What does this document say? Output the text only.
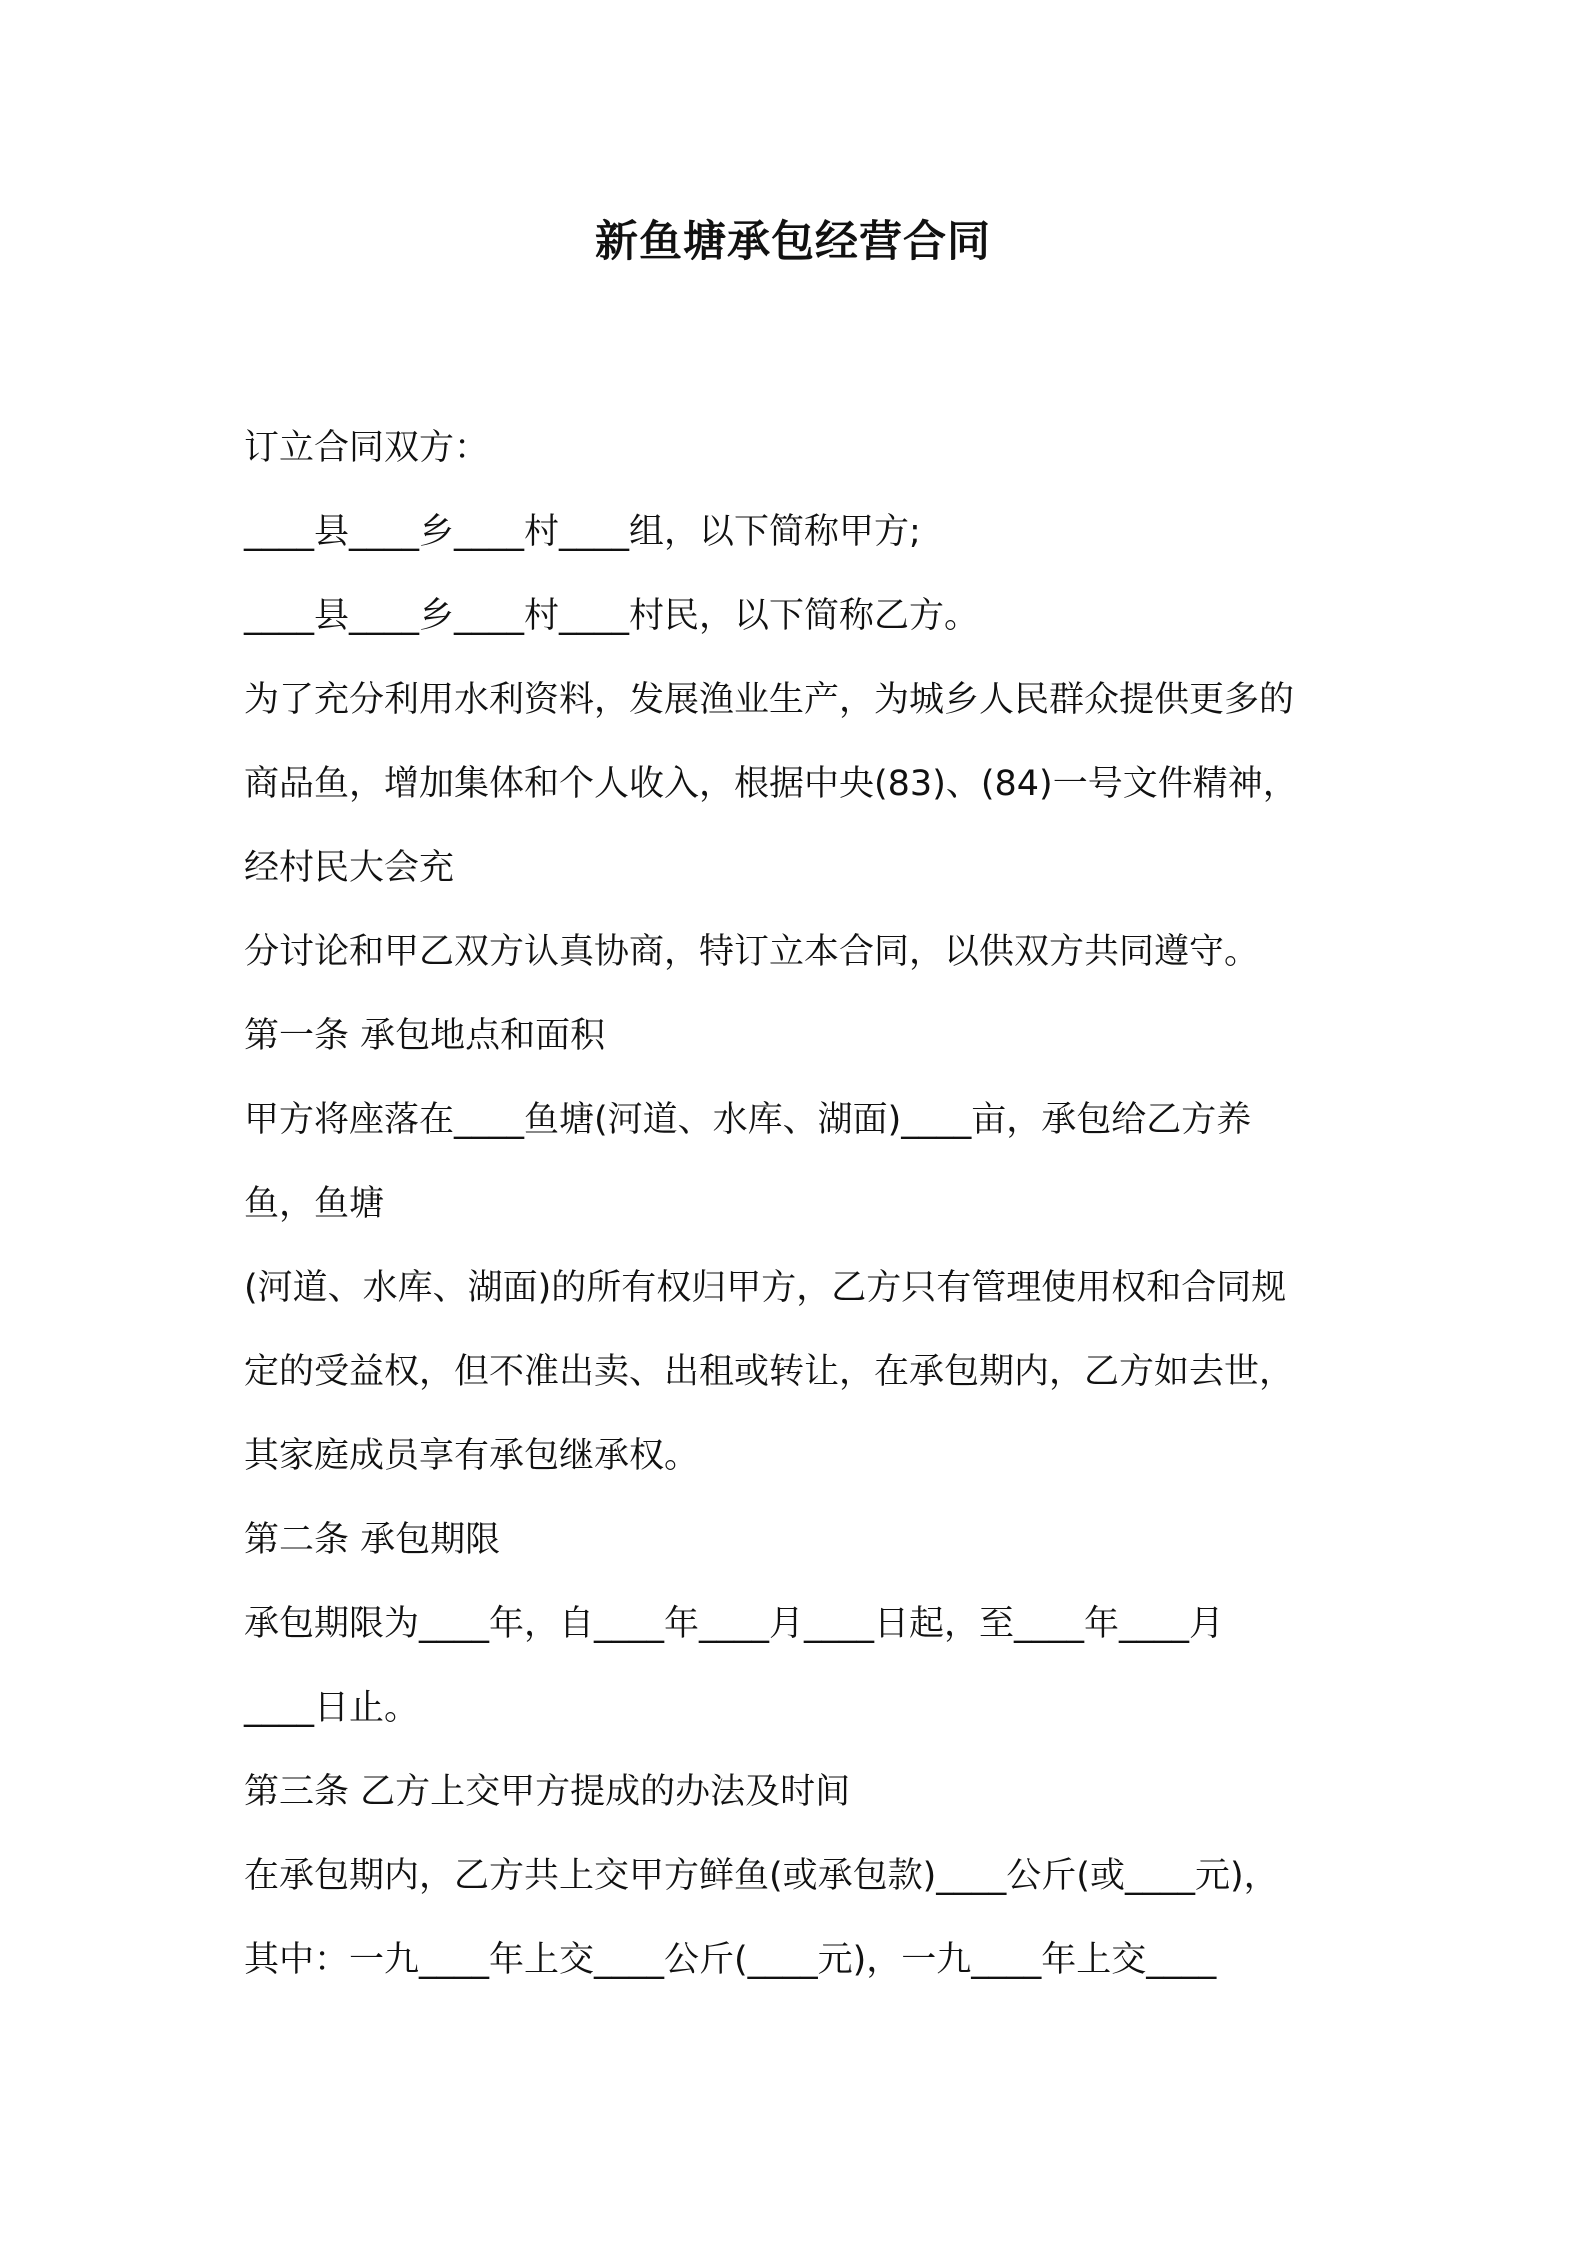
新鱼塘承包经营合同

订立合同双方：

____县____乡____村____组，以下简称甲方;

____县____乡____村____村民，以下简称乙方。

为了充分利用水利资料，发展渔业生产，为城乡人民群众提供更多的

商品鱼，增加集体和个人收入，根据中央(83)、(84)一号文件精神，

经村民大会充

分讨论和甲乙双方认真协商，特订立本合同，以供双方共同遵守。

第一条 承包地点和面积

甲方将座落在____鱼塘(河道、水库、湖面)____亩，承包给乙方养

鱼，鱼塘

(河道、水库、湖面)的所有权归甲方，乙方只有管理使用权和合同规

定的受益权，但不准出卖、出租或转让，在承包期内，乙方如去世，

其家庭成员享有承包继承权。

第二条 承包期限

承包期限为____年，自____年____月____日起，至____年____月

____日止。

第三条 乙方上交甲方提成的办法及时间

在承包期内，乙方共上交甲方鲜鱼(或承包款)____公斤(或____元)，

其中：一九____年上交____公斤(____元)，一九____年上交____
